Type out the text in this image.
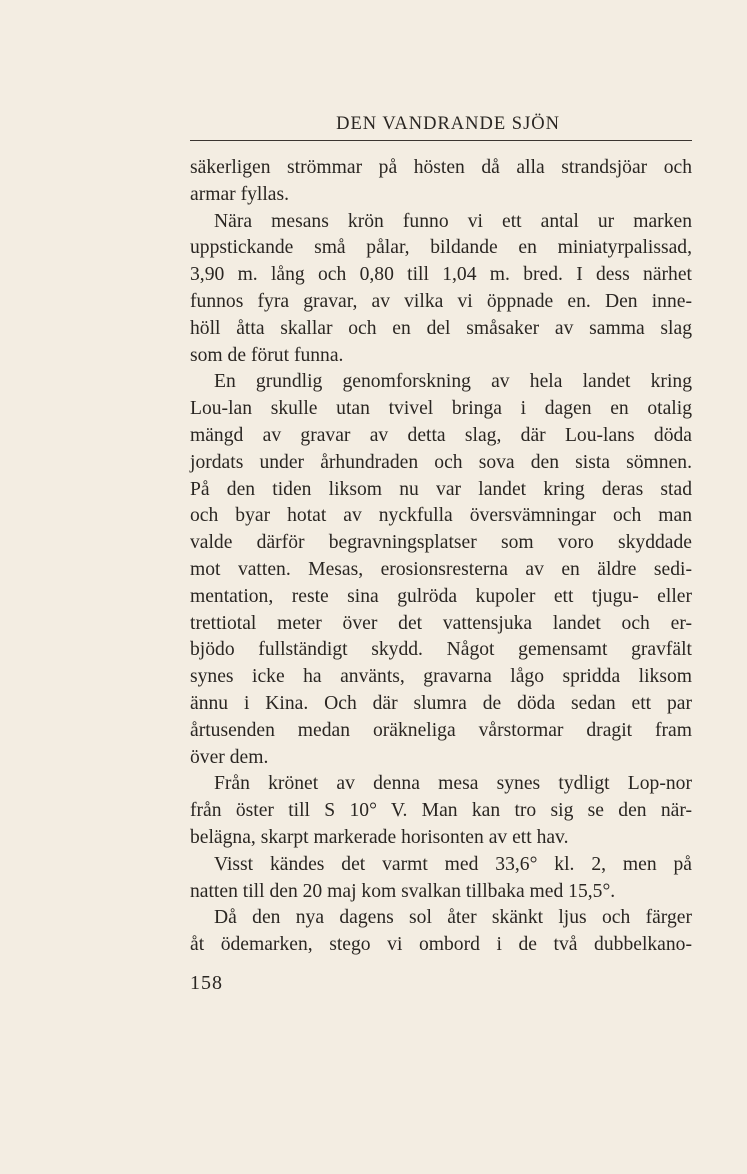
DEN VANDRANDE SJÖN

säkerligen strömmar på hösten då alla strandsjöar och

armar fyllas.

Nära mesans krön funno vi ett antal ur marken

uppstickande små pålar, bildande en miniatyrpalissad,

3,90 m. lång och 0,80 till 1,04 m. bred. I dess närhet

funnos fyra gravar, av vilka vi öppnade en. Den inne-

höll åtta skallar och en del småsaker av samma slag

som de förut funna.

En grundlig genomforskning av hela landet kring

Lou-lan skulle utan tvivel bringa i dagen en otalig

mängd av gravar av detta slag, där Lou-lans döda

jordats under århundraden och sova den sista sömnen.

På den tiden liksom nu var landet kring deras stad

och byar hotat av nyckfulla översvämningar och man

valde därför begravningsplatser som voro skyddade

mot vatten. Mesas, erosionsresterna av en äldre sedi-

mentation, reste sina gulröda kupoler ett tjugu- eller

trettiotal meter över det vattensjuka landet och er-

bjödo fullständigt skydd. Något gemensamt gravfält

synes icke ha använts, gravarna lågo spridda liksom

ännu i Kina. Och där slumra de döda sedan ett par

årtusenden medan oräkneliga vårstormar dragit fram

över dem.

Från krönet av denna mesa synes tydligt Lop-nor

från öster till S 10° V. Man kan tro sig se den när-

belägna, skarpt markerade horisonten av ett hav.

Visst kändes det varmt med 33,6° kl. 2, men på

natten till den 20 maj kom svalkan tillbaka med 15,5°.

Då den nya dagens sol åter skänkt ljus och färger

åt ödemarken, stego vi ombord i de två dubbelkano-

158
